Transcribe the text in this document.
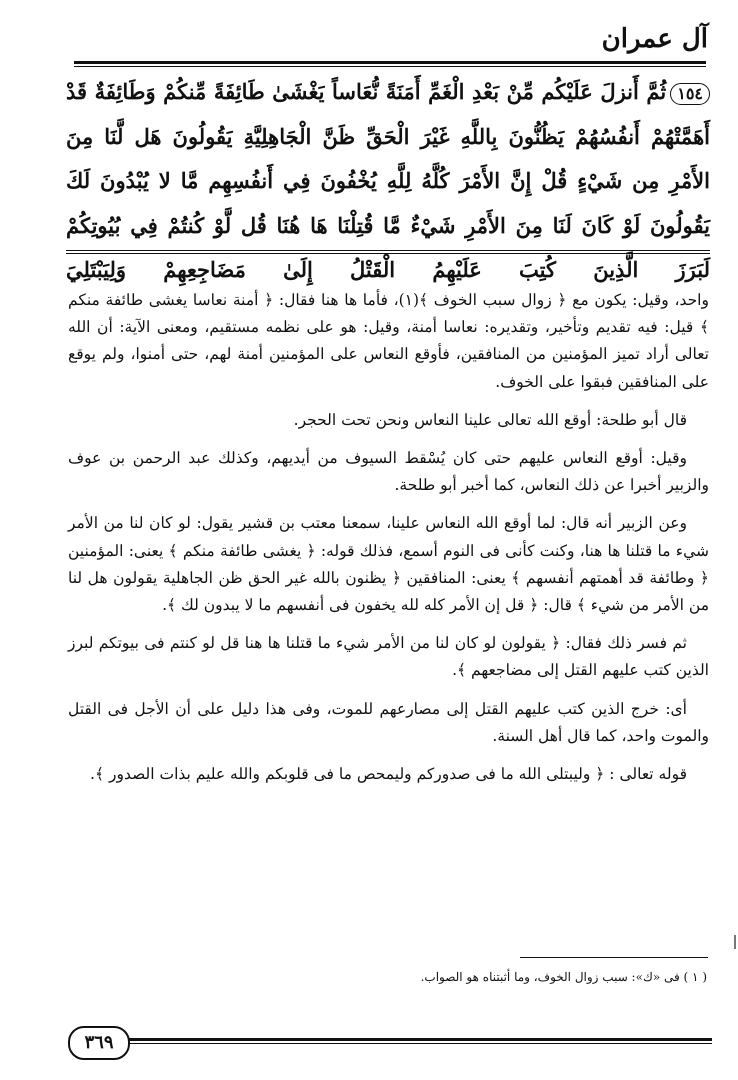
آل عمران
١٥٤ثُمَّ أَنزلَ عَلَيْكُم مِّنْ بَعْدِ الْغَمِّ أَمَنَةً نُّعَاساً يَغْشَىٰ طَائِفَةً مِّنكُمْ وَطَائِفَةٌ قَدْ أَهَمَّتْهُمْ أَنفُسُهُمْ يَظُنُّونَ بِاللَّهِ غَيْرَ الْحَقِّ ظَنَّ الْجَاهِلِيَّةِ يَقُولُونَ هَل لَّنَا مِنَ الأَمْرِ مِن شَيْءٍ قُلْ إِنَّ الأَمْرَ كُلَّهُ لِلَّهِ يُخْفُونَ فِي أَنفُسِهِم مَّا لا يُبْدُونَ لَكَ يَقُولُونَ لَوْ كَانَ لَنَا مِنَ الأَمْرِ شَيْءٌ مَّا قُتِلْنَا هَا هُنَا قُل لَّوْ كُنتُمْ فِي بُيُوتِكُمْ لَبَرَزَ الَّذِينَ كُتِبَ عَلَيْهِمُ الْقَتْلُ إِلَىٰ مَضَاجِعِهِمْ وَلِيَبْتَلِيَ

واحد، وقيل: يكون مع ﴿ زوال سبب الخوف ﴾(١)، فأما ها هنا فقال: ﴿ أمنة نعاسا يغشى طائفة منكم ﴾ قيل: فيه تقديم وتأخير، وتقديره: نعاسا أمنة، وقيل: هو على نظمه مستقيم، ومعنى الآية: أن الله تعالى أراد تميز المؤمنين من المنافقين، فأوقع النعاس على المؤمنين أمنة لهم، حتى أمنوا، ولم يوقع على المنافقين فبقوا على الخوف.

قال أبو طلحة: أوقع الله تعالى علينا النعاس ونحن تحت الحجر.

وقيل: أوقع النعاس عليهم حتى كان يُسْقط السيوف من أيديهم، وكذلك عبد الرحمن بن عوف والزبير أخبرا عن ذلك النعاس، كما أخبر أبو طلحة.

وعن الزبير أنه قال: لما أوقع الله النعاس علينا، سمعنا معتب بن قشير يقول: لو كان لنا من الأمر شيء ما قتلنا ها هنا، وكنت كأنى فى النوم أسمع، فذلك قوله: ﴿ يغشى طائفة منكم ﴾ يعنى: المؤمنين ﴿ وطائفة قد أهمتهم أنفسهم ﴾ يعنى: المنافقين ﴿ يظنون بالله غير الحق ظن الجاهلية يقولون هل لنا من الأمر من شيء ﴾ قال: ﴿ قل إن الأمر كله لله يخفون فى أنفسهم ما لا يبدون لك ﴾.

ثم فسر ذلك فقال: ﴿ يقولون لو كان لنا من الأمر شيء ما قتلنا ها هنا قل لو كنتم فى بيوتكم لبرز الذين كتب عليهم القتل إلى مضاجعهم ﴾.

أى: خرج الذين كتب عليهم القتل إلى مصارعهم للموت، وفى هذا دليل على أن الأجل فى القتل والموت واحد، كما قال أهل السنة.

قوله تعالى : ﴿ وليبتلى الله ما فى صدوركم وليمحص ما فى قلوبكم والله عليم بذات الصدور ﴾.

( ١ ) فى «ك»: سبب زوال الخوف، وما أثبتناه هو الصواب.
٣٦٩
